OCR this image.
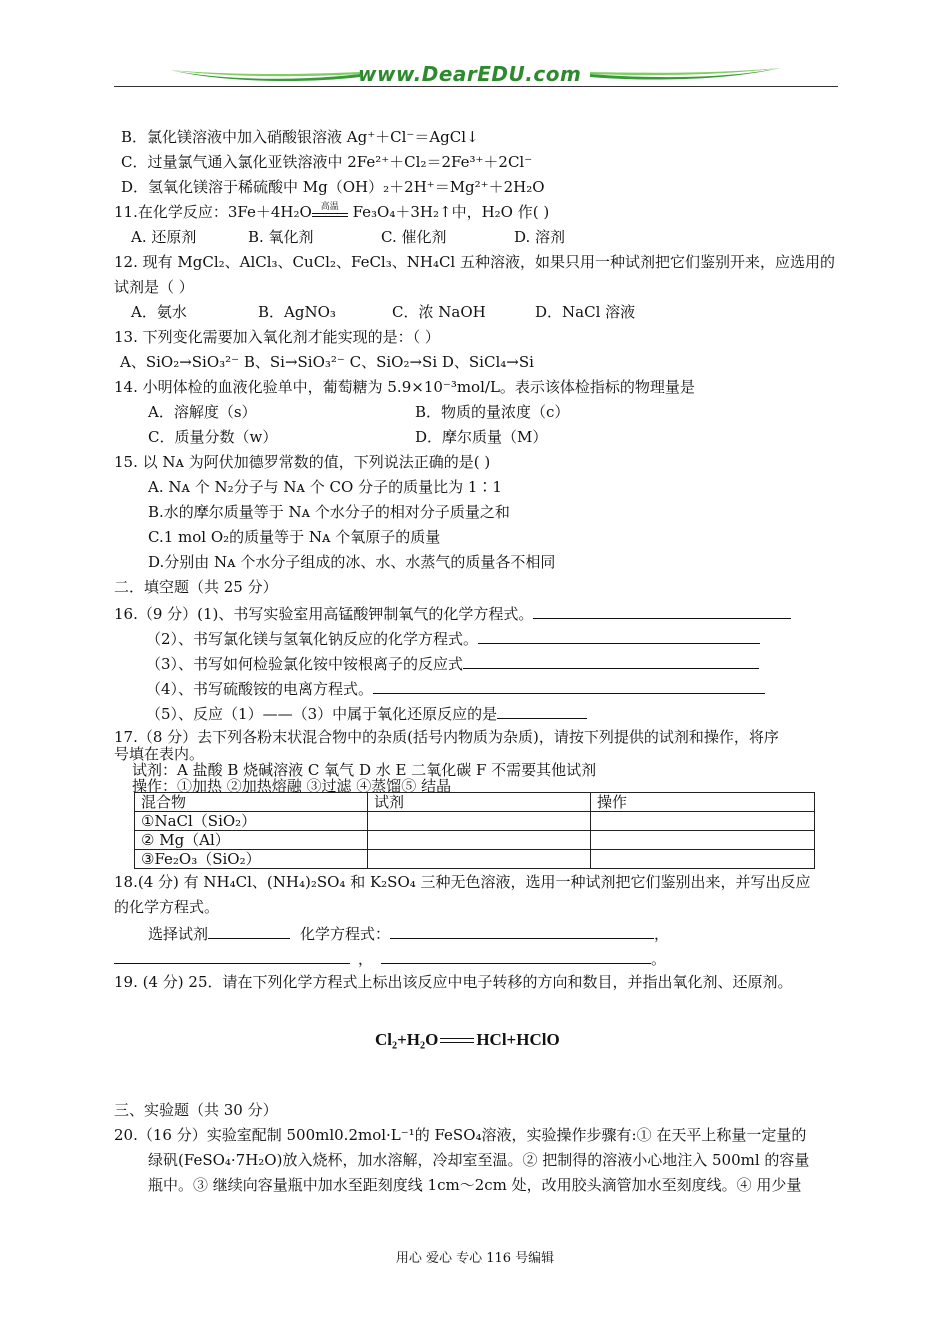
www.DearEDU.com
B．氯化镁溶液中加入硝酸银溶液 Ag⁺＋Cl⁻＝AgCl↓
C．过量氯气通入氯化亚铁溶液中 2Fe²⁺＋Cl₂＝2Fe³⁺＋2Cl⁻
D．氢氧化镁溶于稀硫酸中 Mg（OH）₂＋2H⁺＝Mg²⁺＋2H₂O
11.在化学反应：3Fe＋4H₂O 高温
Fe₃O₄＋3H₂↑中，H₂O 作( )
A. 还原剂	B. 氧化剂	C. 催化剂	D. 溶剂
12. 现有 MgCl₂、AlCl₃、CuCl₂、FeCl₃、NH₄Cl 五种溶液，如果只用一种试剂把它们鉴别开来，应选用的
试剂是（ ）
A．氨水	B．AgNO₃	C．浓 NaOH	D．NaCl 溶液
13. 下列变化需要加入氧化剂才能实现的是：（ ）
A、SiO₂→SiO₃²⁻ B、Si→SiO₃²⁻ C、SiO₂→Si D、SiCl₄→Si
14. 小明体检的血液化验单中，葡萄糖为 5.9×10⁻³mol/L。表示该体检指标的物理量是
A．溶解度（s）	B．物质的量浓度（c）
C．质量分数（w）	D．摩尔质量（M）
15. 以 Nᴀ 为阿伏加德罗常数的值，下列说法正确的是( )
A. Nᴀ 个 N₂分子与 Nᴀ 个 CO 分子的质量比为 1∶1
B.水的摩尔质量等于 Nᴀ 个水分子的相对分子质量之和
C.1 mol O₂的质量等于 Nᴀ 个氧原子的质量
D.分别由 Nᴀ 个水分子组成的冰、水、水蒸气的质量各不相同
二．填空题（共 25 分）
16.（9 分）(1)、书写实验室用高锰酸钾制氧气的化学方程式。
（2）、书写氯化镁与氢氧化钠反应的化学方程式。
（3）、书写如何检验氯化铵中铵根离子的反应式
（4）、书写硫酸铵的电离方程式。
（5）、反应（1）——（3）中属于氧化还原反应的是
17.（8 分）去下列各粉末状混合物中的杂质(括号内物质为杂质)，请按下列提供的试剂和操作，将序
号填在表内。
试剂：A 盐酸 B 烧碱溶液 C 氧气 D 水 E 二氧化碳 F 不需要其他试剂
操作：①加热 ②加热熔融 ③过滤 ④蒸馏⑤ 结晶
混合物	试剂	操作
①NaCl（SiO₂）		
② Mg（Al）		
③Fe₂O₃（SiO₂）		
18.(4 分) 有 NH₄Cl、(NH₄)₂SO₄ 和 K₂SO₄ 三种无色溶液，选用一种试剂把它们鉴别出来，并写出反应
的化学方程式。
选择试剂	化学方程式：	，
，	。
19. (4 分) 25．请在下列化学方程式上标出该反应中电子转移的方向和数目，并指出氧化剂、还原剂。
Cl₂+H₂O HCl+HClO
三、实验题（共 30 分）
20.（16 分）实验室配制 500ml0.2mol·L⁻¹的 FeSO₄溶液，实验操作步骤有:① 在天平上称量一定量的
绿矾(FeSO₄·7H₂O)放入烧杯，加水溶解，冷却室至温。② 把制得的溶液小心地注入 500ml 的容量
瓶中。③ 继续向容量瓶中加水至距刻度线 1cm～2cm 处，改用胶头滴管加水至刻度线。④ 用少量
用心 爱心 专心 116 号编辑
